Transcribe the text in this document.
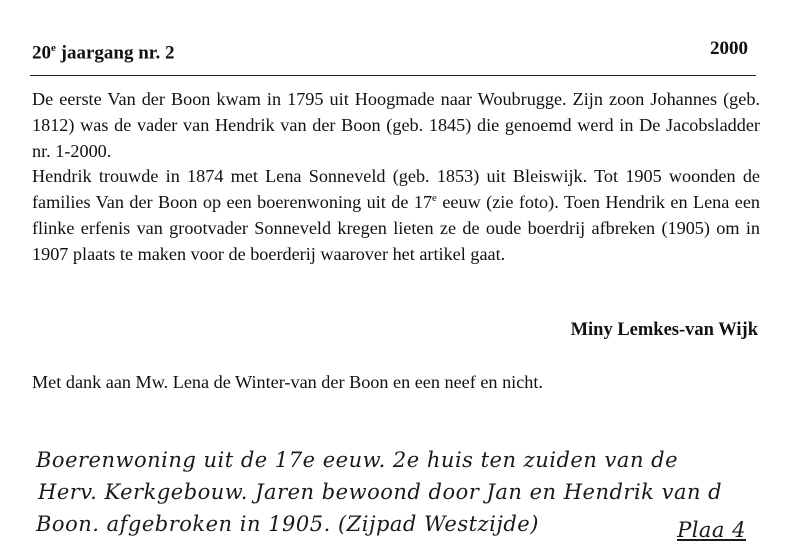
20e jaargang nr. 2	2000

De eerste Van der Boon kwam in 1795 uit Hoogmade naar Woubrugge. Zijn zoon Johannes (geb. 1812) was de vader van Hendrik van der Boon (geb. 1845) die genoemd werd in De Jacobsladder nr. 1-2000.

Hendrik trouwde in 1874 met Lena Sonneveld (geb. 1853) uit Bleiswijk. Tot 1905 woonden de families Van der Boon op een boerenwoning uit de 17e eeuw (zie foto). Toen Hendrik en Lena een flinke erfenis van grootvader Sonneveld kregen lieten ze de oude boerdrij afbreken (1905) om in 1907 plaats te maken voor de boerderij waarover het artikel gaat.

Miny Lemkes-van Wijk
Met dank aan Mw. Lena de Winter-van der Boon en een neef en nicht.
Boerenwoning uit de 17e eeuw. 2e huis ten zuiden van de
Herv. Kerkgebouw. Jaren bewoond door Jan en Hendrik van d
Boon. afgebroken in 1905. (Zijpad Westzijde)	Plaa 4
